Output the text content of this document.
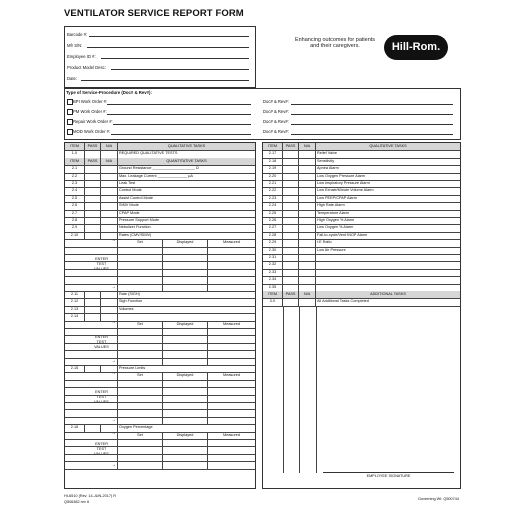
VENTILATOR SERVICE REPORT FORM
Barcode #:
Mfr S/N:
Employee ID #:
Product Model Desc:
Date:
Enhancing outcomes for patients and their caregivers.	Hill-Rom.
Type of Service-Procedure (Doc# & Rev#):
BPI Work Order #:
PM Work Order #:
Repair Work Order #:
MOD Work Order #:
Doc# & Rev#:
Doc# & Rev#:
Doc# & Rev#:
Doc# & Rev#:
ITEM	PASS	N/A	QUALITATIVE TASKS
1.X	REQUIRED QUALITATIVE TESTS
ITEM	PASS	N/A	QUANTITATIVE TASKS
2.1	Ground Resistance ____________________ Ω
2.2	Max. Leakage Current ______________ µA
2.3	Leak Test
2.4	Control Mode
2.5	Assist Control Mode
2.6	SIMV Mode
2.7	CPAP Mode
2.8	Pressure Support Mode
2.9	Nebulizer Function
2.10	Rates (CMV/SIMV)
ENTER
TEST
VALUES
→
→
Set	Displayed	Measured
2.11	Rate (SIGH)
2.12	Sigh Function
2.13	Volumes
2.14
ENTER
TEST
VALUES
→
→
Set	Displayed	Measured
2.15	Pressure Limits
ENTER
TEST
VALUES
→
→
Set	Displayed	Measured
2.16	Oxygen Percentage
ENTER
TEST
VALUES
→
→
Set	Displayed	Measured
ITEM	PASS	N/A	QUALITATIVE TASKS
2.17	Relief Valve
2.18	Sensitivity
2.19	Apnea Alarm
2.20	Low Oxygen Pressure Alarm
2.21	Low Inspiratory Pressure Alarm
2.22	Low Exhale/Minute Volume Alarm
2.23	Low PEEP/CPAP Alarm
2.24	High Rate Alarm
2.25	Temperature Alarm
2.26	High Oxygen % Alarm
2.27	Low Oxygen % Alarm
2.28	Fail-to-cycle/Vent INOP Alarm
2.29	I:E Ratio
2.30	Low Air Pressure
2.31
2.32
2.33
2.34
2.35
ITEM	PASS	N/A	ADDITIONAL TASKS
3.X	All Additional Tasks Completed
EMPLOYEE SIGNATURE
HI-6510 (Rev. 14-JUN-2017) R
Q506382 rev 6
Governing WI: Q500744
